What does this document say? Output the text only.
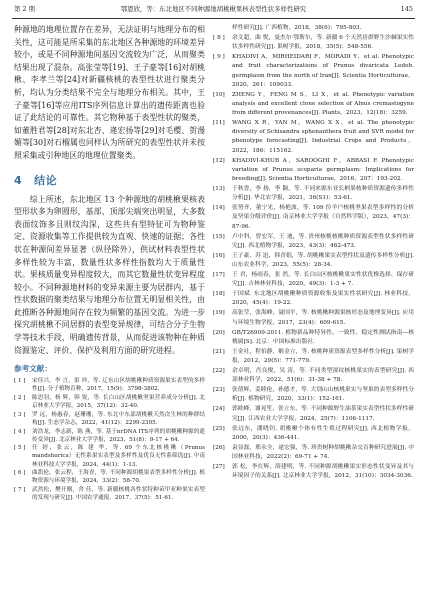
第 2 期	鄂恩欣，等：东北地区不同种源地胡桃楸果核表型性状多样性研究	145

种源地的地理位置存在差异，无法证明与地理分布的相关性，这可能是所采集的东北地区各种源地的环境差异较小，或是不同种源地间基因交流较为广泛，从而聚类结果出现了混杂。高张莹等[19]、王子豪等[16]对胡桃楸、李孝兰等[24]对新疆核桃的表型性状进行聚类分析，均认为分类结果不完全与地理分布相关。其中，王子豪等[16]等应用ITS序列信息计算出的遗传距离也验证了此结论的可靠性。其它物种基于表型性状的聚类，如董胜君等[28]对东北杏、逄宏扬等[29]对毛樱、贺漫媚等[30]对石榴属也同样认为所研究的表型性状并未按照采集或引种地区的地理位置聚类。

4 结论

综上所述，东北地区 13 个种源地的胡桃楸果核表型形状多为卵圆形，基部、顶部尖端突出明显，大多数表面纹饰多且则纹沟深，这些共有型特征可为物种鉴定、资源收集等工作提供较为直观、快速的证据；各性状在种源间差异显著（纵径除外），供试材料表型性状多样性较为丰富，数量性状多样性指数均大于质量性状。果核质量变异程度较大，而其它数量性状变异程度较小。不同种源地材料的变异来源主要为居群内，基于性状数据的聚类结果与地理分布位置无明显相关性，由此推断各种源地间存在较为频繁的基因交流。为进一步探究胡桃楸不同居群的表型变异规律，可结合分子生物学等技术手段，明确遗传背景，从而促进该物种在种质资源鉴定、评价、保护及利用方面的研究进程。

参考文献：
[ 1 ] 宋佳兴，李 言，果 冲，等. 辽东山区胡桃楸种质资源果实表型的多样性[J]. 分子植物育种，2017，15(9)：3798-3802.
[ 2 ] 陈思羽，杨 辉，韩 锐，等. 长白山区胡桃楸坚果营养成分分析[J]. 北京林业大学学报，2015，37(12)：32-40.
[ 3 ] 罗 远，杨惠春，赵珊珊，等. 东北中东部胡桃楸天然次生林的种群结构[J]. 生态学杂志，2022，41(12)：2299-2305.
[ 4 ] 刘浩龙，李志新，陈 燕，等. 基于nrDNA ITS序列的胡桃楸种源的遗传变异[J]. 北京林业大学学报，2023，51(8)：9-17 + 64.
[ 5 ] 任 婷，张云，陈 建 华，等. 69 个东北核桃楸（Prunus mandshurica）无性系果实表型及多样性及优良无性系筛选[J]. 中南林业科技大学学报，2024，44(1)：1-13.
[ 6 ] 曲凯伦，张云程，王海青，等. 不同种源胡桃果表型多样性分析[J]. 植物资源与环境学报，2024，33(2)：58-70.
[ 7 ] 武然松，樊开刚，舍 佳，等. 新疆核桃各性状特种苗甲亚种果实表型的发现与研究[J]. 中国农学通报，2017，37(5)：51-61.
样性研究[J]. 广西植物，2018，38(6)：795-803.
[ 8 ] 余文超，曲 悦，曼杰尔·鄂斯尔，等. 新疆 6 个天然居群野生沙棘果实性状多样性研究[J]. 果树学报，2018，35(5)：548-556.
[ 9 ] KHADIVI A，MIRHEIDARI F，MORADI Y，et al. Phenotypic and fruit characterizations of Prunus divaricata Ledeb. germplasm from the north of Iran[J]. Scientia Horticulturae，2020，261：109033.
[10] ZHENG Y，FENG M S，LI X，et al. Phenotypic variation analysis and excellent clone selection of Alnus cremastogyne from different provenances[J]. Plants，2023，12(18)：3259.
[11] WANG X R，YAN M，WANG X X，et al. The phenotypic diversity of Schisandra sphenanthera fruit and SVR model for phenotype forecasting[J]. Industrial Crops and Products，2022，186：115162.
[12] KHADIVI-KHUB A，SAROOGHI F，ABBASI F. Phenotypic variation of Prunus scoparia germplasm: Implications for breeding[J]. Scientia Horticulturae，2016，207：193-202.
[13] 于秋香，李 扬，李 颖，等. 不同来源东亚长柄果核种质资源遗传多样性分析[J]. 华北农学报，2021，36(S1)：53-61.
[14] 张努齐，董宁光，杨艳波，等. 109 份羊户核桃坚果表型多样性的分析及坚果分级评价[J]. 南京林业大学学报（自然科学版），2023，47(3)：87-96.
[15] 卢中科，曾宏军，王 迪，等. 贵州核桃核桃种质资源表型性状多样性研究[J]. 西北植物学报，2023，43(3)：462-473.
[16] 王子豪，苏 迅，韩青娟，等. 胡桃楸果实表型性状及遗传多样性分析[J]. 山东农业科学，2023，55(5)：28-34.
[17] 王 君，杨雨春，张 然，等. 长白山区核桃楸果实性状优株选择、保存研究[J]. 吉林林业科技，2020，49(3)：1-3 + 7.
[18] 于国斌. 东北地区胡桃楸种质资源收集及果实性状研究[J]. 林业科技，2020，45(4)：19-22.
[19] 高张莹，张海峰，聂国平，等. 核桃楸种源果核形态及地理变异[J]. 应用与环境生物学报，2017，23(4)：609-615.
[20] GB/T26909-2011. 植物新品种特异性、一致性、稳定性测试指南—核桃属[S]. 北京：中国标准出版社.
[21] 王金社，程伯静，姬金立，等. 核桃种质资源表型多样性分析[J]. 果树学报，2012，29(5)：771-779.
[22] 余卓明，肖良俊，吴 涛，等. 不同类型深纹核桃果实的表型研究[J]. 西部林业科学，2022，51(6)：31-38 + 78.
[23] 张倩辉，姜睦伦，孙德才，等. 大别山山核桃果实与坚果的表型多样性分析[J]. 植物研究，2020，33(1)：152-161.
[24] 郭欧峰，谢晃笙，张立东，等. 不同种源野生油茶果实表型性状多样性研究[J]. 江西农业大学学报，2024，25(7)：1106-1117.
[25] 张远东，潘晓钊. 胡桃楸个体有性生殖过程研究[J]. 西北植物学报，2000，20(3)：436-441.
[26] 袁显磊，邢永全，逯宏强，等. 珍贵树种胡桃楸杂交育种研究进展[J]. 中国林业科技，2022(2)：69-71 + 74.
[27] 郭 松，李在辉，薛建明，等. 不同种源胡桃楸果实形态性状变异及其与环境因子的关系[J]. 北京林业大学学报，2012，31(10)：3034-3036.
